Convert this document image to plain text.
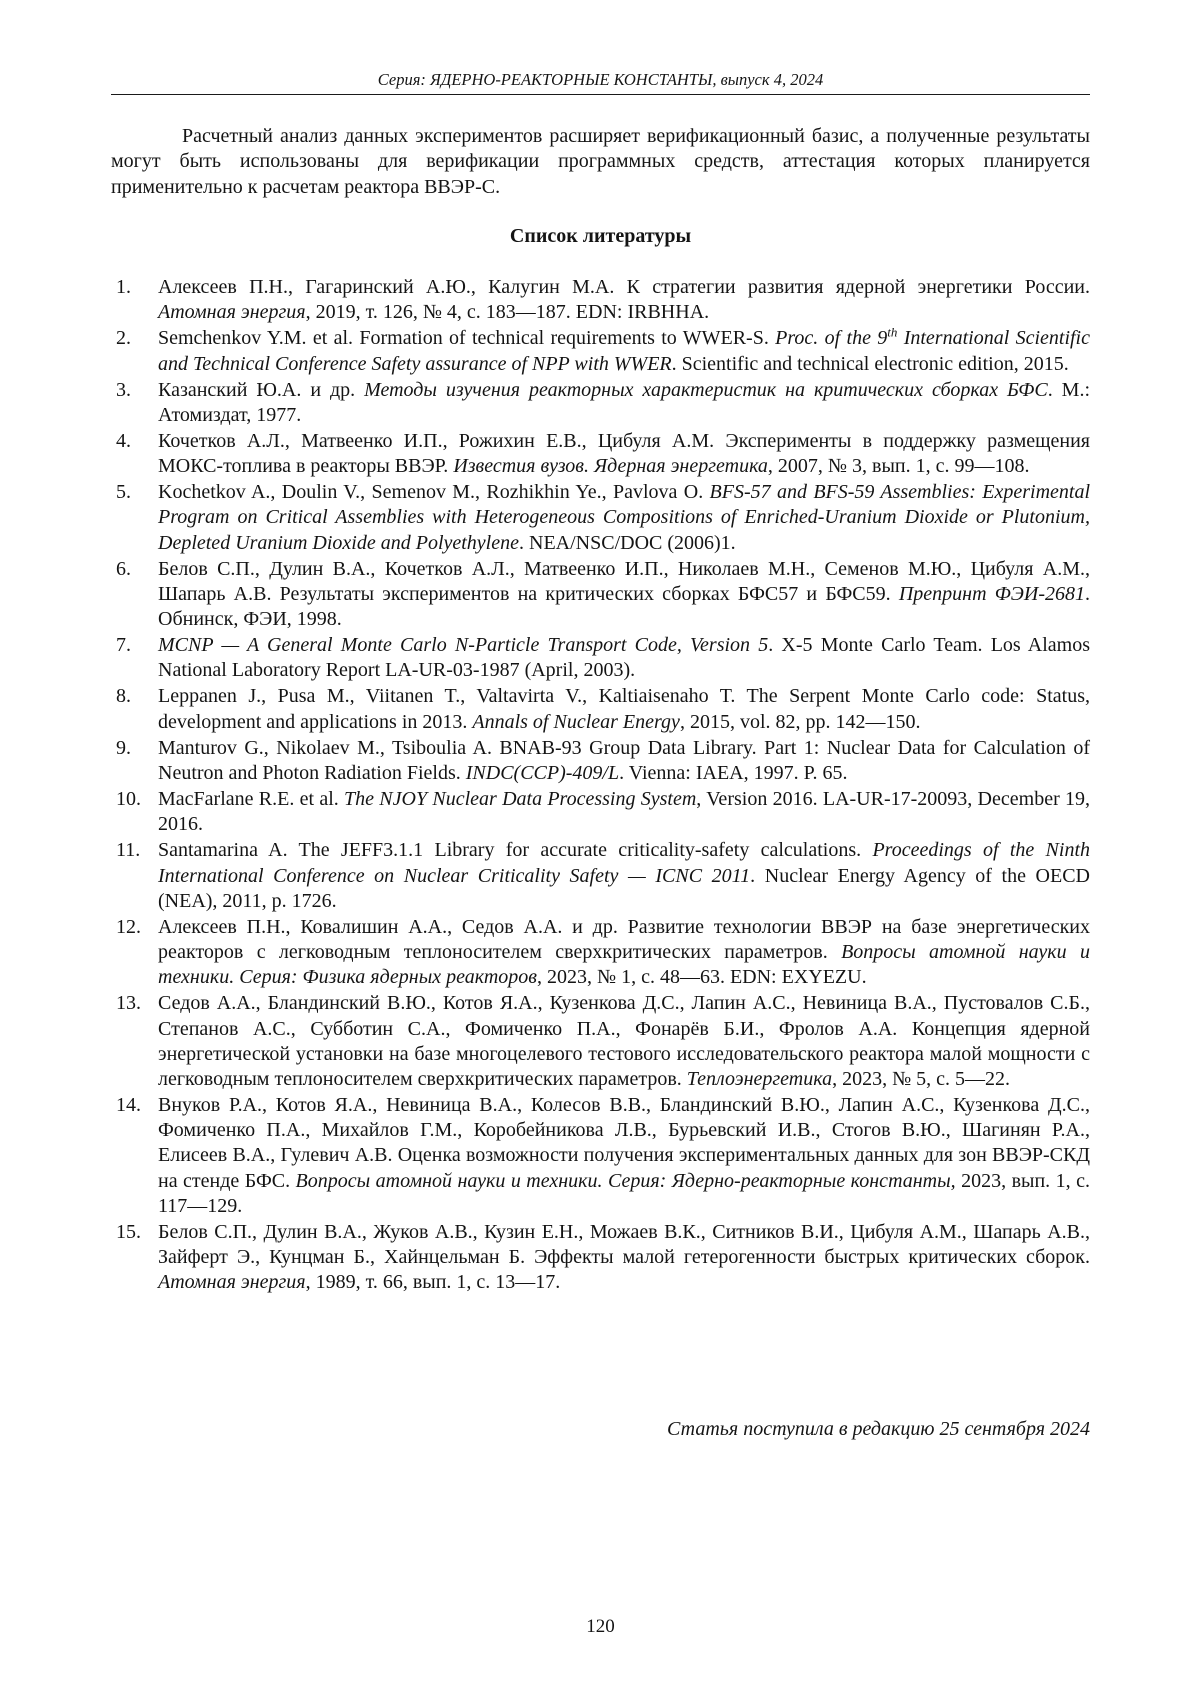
Серия: ЯДЕРНО-РЕАКТОРНЫЕ КОНСТАНТЫ, выпуск 4, 2024

Расчетный анализ данных экспериментов расширяет верификационный базис, а полученные результаты могут быть использованы для верификации программных средств, аттестация которых планируется применительно к расчетам реактора ВВЭР-С.

Список литературы
1. Алексеев П.Н., Гагаринский А.Ю., Калугин М.А. К стратегии развития ядерной энергетики России. Атомная энергия, 2019, т. 126, № 4, с. 183—187. EDN: IRBHHA.
2. Semchenkov Y.M. et al. Formation of technical requirements to WWER-S. Proc. of the 9th International Scientific and Technical Conference Safety assurance of NPP with WWER. Scientific and technical electronic edition, 2015.
3. Казанский Ю.А. и др. Методы изучения реакторных характеристик на критических сборках БФС. М.: Атомиздат, 1977.
4. Кочетков А.Л., Матвеенко И.П., Рожихин Е.В., Цибуля А.М. Эксперименты в поддержку размещения МОКС-топлива в реакторы ВВЭР. Известия вузов. Ядерная энергетика, 2007, № 3, вып. 1, с. 99—108.
5. Kochetkov A., Doulin V., Semenov M., Rozhikhin Ye., Pavlova O. BFS-57 and BFS-59 Assemblies: Experimental Program on Critical Assemblies with Heterogeneous Compositions of Enriched-Uranium Dioxide or Plutonium, Depleted Uranium Dioxide and Polyethylene. NEA/NSC/DOC (2006)1.
6. Белов С.П., Дулин В.А., Кочетков А.Л., Матвеенко И.П., Николаев М.Н., Семенов М.Ю., Цибуля А.М., Шапарь А.В. Результаты экспериментов на критических сборках БФС57 и БФС59. Препринт ФЭИ-2681. Обнинск, ФЭИ, 1998.
7. MCNP — A General Monte Carlo N-Particle Transport Code, Version 5. X-5 Monte Carlo Team. Los Alamos National Laboratory Report LA-UR-03-1987 (April, 2003).
8. Leppanen J., Pusa M., Viitanen T., Valtavirta V., Kaltiaisenaho T. The Serpent Monte Carlo code: Status, development and applications in 2013. Annals of Nuclear Energy, 2015, vol. 82, pp. 142—150.
9. Manturov G., Nikolaev M., Tsiboulia A. BNAB-93 Group Data Library. Part 1: Nuclear Data for Calculation of Neutron and Photon Radiation Fields. INDC(CCP)-409/L. Vienna: IAEA, 1997. P. 65.
10. MacFarlane R.E. et al. The NJOY Nuclear Data Processing System, Version 2016. LA-UR-17-20093, December 19, 2016.
11. Santamarina A. The JEFF3.1.1 Library for accurate criticality-safety calculations. Proceedings of the Ninth International Conference on Nuclear Criticality Safety — ICNC 2011. Nuclear Energy Agency of the OECD (NEA), 2011, p. 1726.
12. Алексеев П.Н., Ковалишин А.А., Седов А.А. и др. Развитие технологии ВВЭР на базе энергетических реакторов с легководным теплоносителем сверхкритических параметров. Вопросы атомной науки и техники. Серия: Физика ядерных реакторов, 2023, № 1, с. 48—63. EDN: EXYEZU.
13. Седов А.А., Бландинский В.Ю., Котов Я.А., Кузенкова Д.С., Лапин А.С., Невиница В.А., Пустовалов С.Б., Степанов А.С., Субботин С.А., Фомиченко П.А., Фонарёв Б.И., Фролов А.А. Концепция ядерной энергетической установки на базе многоцелевого тестового исследовательского реактора малой мощности с легководным теплоносителем сверхкритических параметров. Теплоэнергетика, 2023, № 5, с. 5—22.
14. Внуков Р.А., Котов Я.А., Невиница В.А., Колесов В.В., Бландинский В.Ю., Лапин А.С., Кузенкова Д.С., Фомиченко П.А., Михайлов Г.М., Коробейникова Л.В., Бурьевский И.В., Стогов В.Ю., Шагинян Р.А., Елисеев В.А., Гулевич А.В. Оценка возможности получения экспериментальных данных для зон ВВЭР-СКД на стенде БФС. Вопросы атомной науки и техники. Серия: Ядерно-реакторные константы, 2023, вып. 1, с. 117—129.
15. Белов С.П., Дулин В.А., Жуков А.В., Кузин Е.Н., Можаев В.К., Ситников В.И., Цибуля А.М., Шапарь А.В., Зайферт Э., Кунцман Б., Хайнцельман Б. Эффекты малой гетерогенности быстрых критических сборок. Атомная энергия, 1989, т. 66, вып. 1, с. 13—17.
Статья поступила в редакцию 25 сентября 2024
120
